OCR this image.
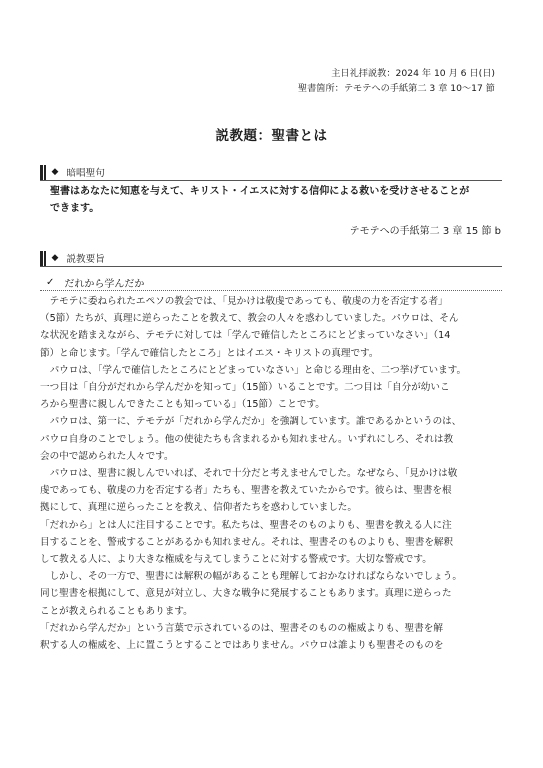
主日礼拝説教：2024 年 10 月 6 日(日)
聖書箇所：テモテへの手紙第二 3 章 10～17 節
説教題：聖書とは
◆ 暗唱聖句
聖書はあなたに知恵を与えて、キリスト・イエスに対する信仰による救いを受けさせることが
できます。
テモテへの手紙第二 3 章 15 節 b
◆ 説教要旨
✓ だれから学んだか
　テモテに委ねられたエペソの教会では、「見かけは敬虔であっても、敬虔の力を否定する者」
（5節）たちが、真理に逆らったことを教えて、教会の人々を惑わしていました。パウロは、そん
な状況を踏まえながら、テモテに対しては「学んで確信したところにとどまっていなさい」（14
節）と命じます。「学んで確信したところ」とはイエス・キリストの真理です。
　パウロは、「学んで確信したところにとどまっていなさい」と命じる理由を、二つ挙げています。
一つ目は「自分がだれから学んだかを知って」（15節）いることです。二つ目は「自分が幼いこ
ろから聖書に親しんできたことも知っている」（15節）ことです。
　パウロは、第一に、テモテが「だれから学んだか」を強調しています。誰であるかというのは、
パウロ自身のことでしょう。他の使徒たちも含まれるかも知れません。いずれにしろ、それは教
会の中で認められた人々です。
　パウロは、聖書に親しんでいれば、それで十分だと考えませんでした。なぜなら、「見かけは敬
虔であっても、敬虔の力を否定する者」たちも、聖書を教えていたからです。彼らは、聖書を根
拠にして、真理に逆らったことを教え、信仰者たちを惑わしていました。
「だれから」とは人に注目することです。私たちは、聖書そのものよりも、聖書を教える人に注
目することを、警戒することがあるかも知れません。それは、聖書そのものよりも、聖書を解釈
して教える人に、より大きな権威を与えてしまうことに対する警戒です。大切な警戒です。
　しかし、その一方で、聖書には解釈の幅があることも理解しておかなければならないでしょう。
同じ聖書を根拠にして、意見が対立し、大きな戦争に発展することもあります。真理に逆らった
ことが教えられることもあります。
「だれから学んだか」という言葉で示されているのは、聖書そのものの権威よりも、聖書を解
釈する人の権威を、上に置こうとすることではありません。パウロは誰よりも聖書そのものを
